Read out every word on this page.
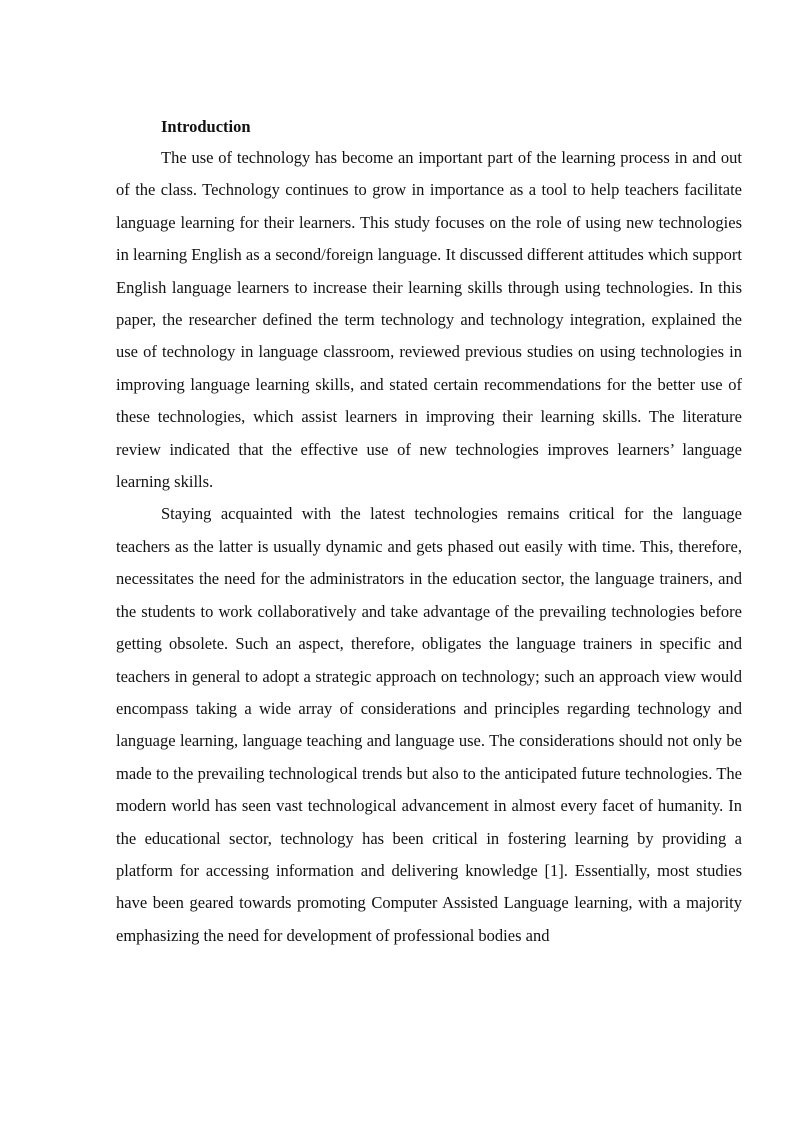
Introduction

The use of technology has become an important part of the learning process in and out of the class. Technology continues to grow in importance as a tool to help teachers facilitate language learning for their learners. This study focuses on the role of using new technologies in learning English as a second/foreign language. It discussed different attitudes which support English language learners to increase their learning skills through using technologies. In this paper, the researcher defined the term technology and technology integration, explained the use of technology in language classroom, reviewed previous studies on using technologies in improving language learning skills, and stated certain recommendations for the better use of these technologies, which assist learners in improving their learning skills. The literature review indicated that the effective use of new technologies improves learners’ language learning skills.

Staying acquainted with the latest technologies remains critical for the language teachers as the latter is usually dynamic and gets phased out easily with time. This, therefore, necessitates the need for the administrators in the education sector, the language trainers, and the students to work collaboratively and take advantage of the prevailing technologies before getting obsolete. Such an aspect, therefore, obligates the language trainers in specific and teachers in general to adopt a strategic approach on technology; such an approach view would encompass taking a wide array of considerations and principles regarding technology and language learning, language teaching and language use. The considerations should not only be made to the prevailing technological trends but also to the anticipated future technologies. The modern world has seen vast technological advancement in almost every facet of humanity. In the educational sector, technology has been critical in fostering learning by providing a platform for accessing information and delivering knowledge [1]. Essentially, most studies have been geared towards promoting Computer Assisted Language learning, with a majority emphasizing the need for development of professional bodies and
